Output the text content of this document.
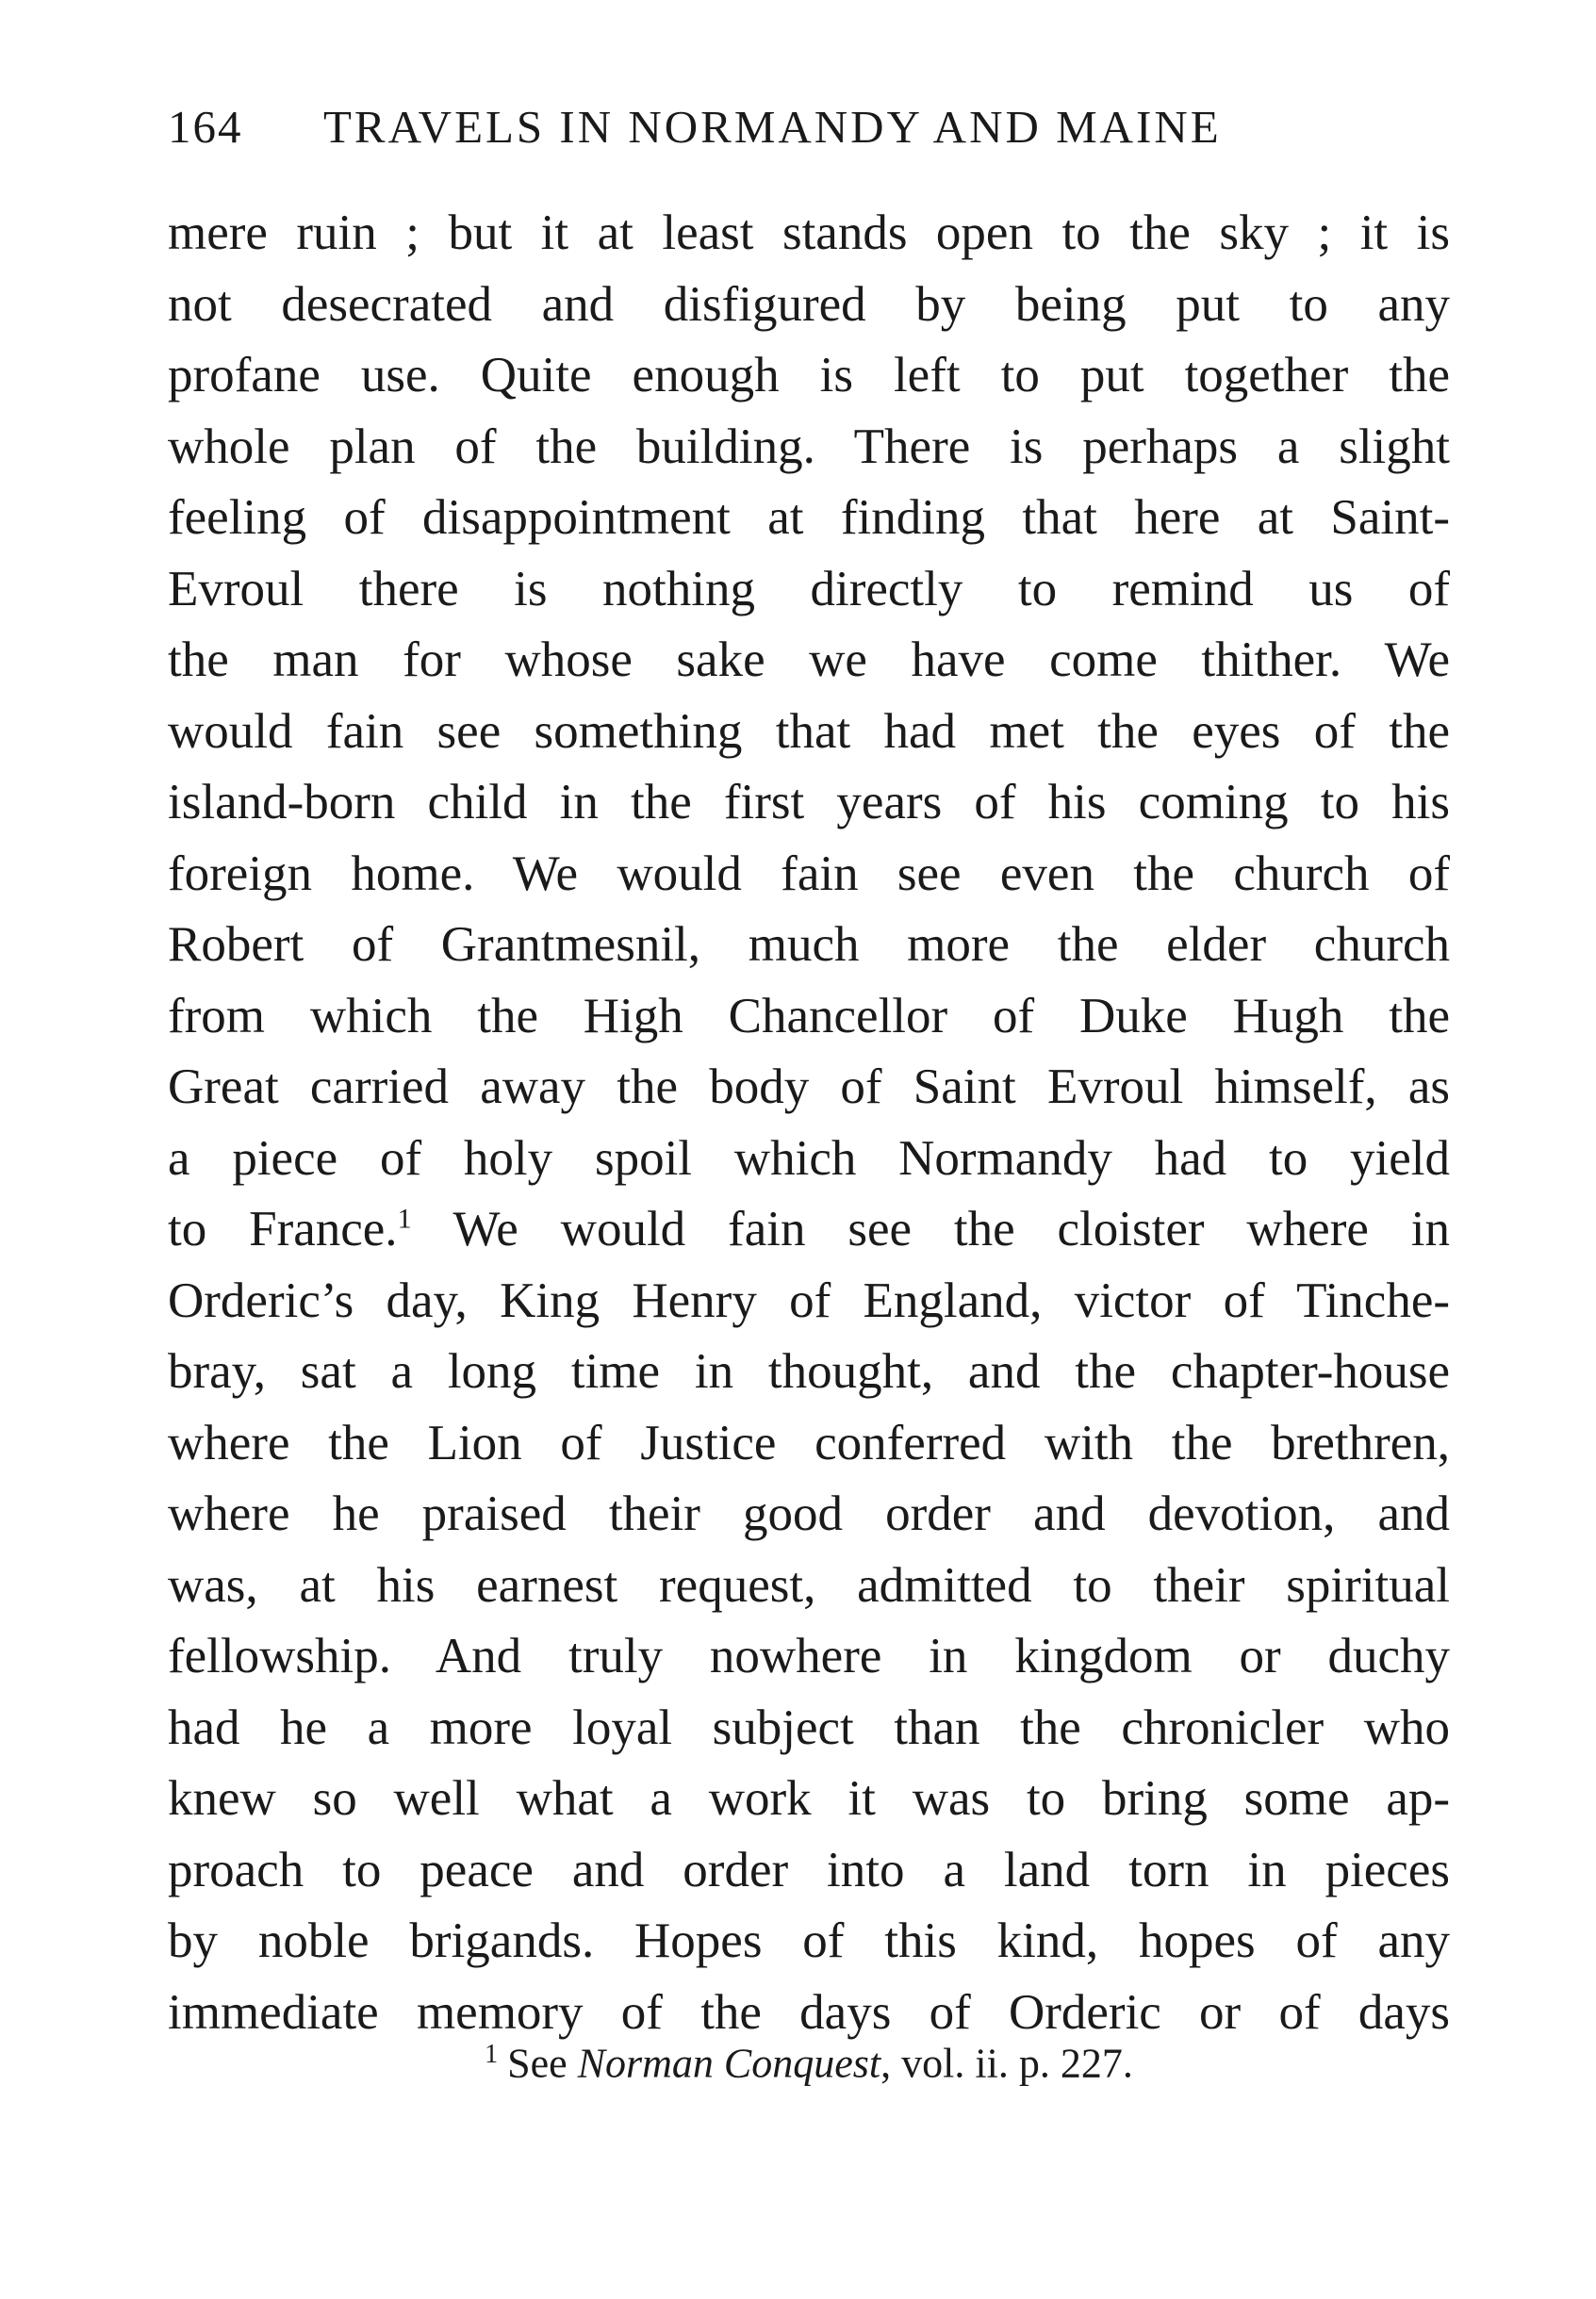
164 TRAVELS IN NORMANDY AND MAINE
mere ruin ; but it at least stands open to the sky ; it is
not desecrated and disfigured by being put to any
profane use. Quite enough is left to put together the
whole plan of the building. There is perhaps a slight
feeling of disappointment at finding that here at Saint-
Evroul there is nothing directly to remind us of
the man for whose sake we have come thither. We
would fain see something that had met the eyes of the
island-born child in the first years of his coming to his
foreign home. We would fain see even the church of
Robert of Grantmesnil, much more the elder church
from which the High Chancellor of Duke Hugh the
Great carried away the body of Saint Evroul himself, as
a piece of holy spoil which Normandy had to yield
to France.$^1$ We would fain see the cloister where in
Orderic’s day, King Henry of England, victor of Tinche-
bray, sat a long time in thought, and the chapter-house
where the Lion of Justice conferred with the brethren,
where he praised their good order and devotion, and
was, at his earnest request, admitted to their spiritual
fellowship. And truly nowhere in kingdom or duchy
had he a more loyal subject than the chronicler who
knew so well what a work it was to bring some ap-
proach to peace and order into a land torn in pieces
by noble brigands. Hopes of this kind, hopes of any
immediate memory of the days of Orderic or of days
$^1$ See Norman Conquest, vol. ii. p. 227.
